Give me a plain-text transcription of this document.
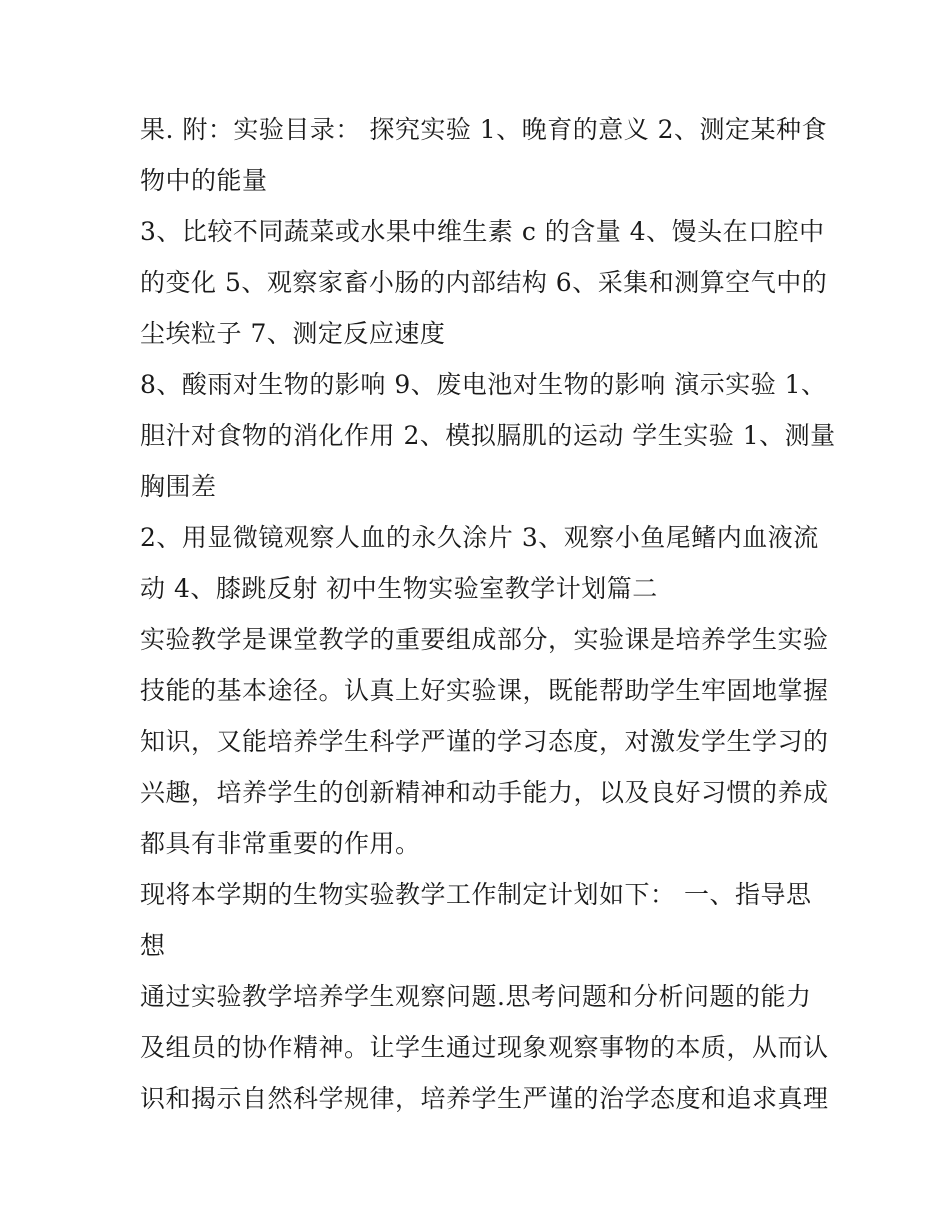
果. 附：实验目录： 探究实验 1、晚育的意义 2、测定某种食
物中的能量
3、比较不同蔬菜或水果中维生素 c 的含量 4、馒头在口腔中
的变化 5、观察家畜小肠的内部结构 6、采集和测算空气中的
尘埃粒子 7、测定反应速度
8、酸雨对生物的影响 9、废电池对生物的影响 演示实验 1、
胆汁对食物的消化作用 2、模拟膈肌的运动 学生实验 1、测量
胸围差
2、用显微镜观察人血的永久涂片 3、观察小鱼尾鳍内血液流
动 4、膝跳反射 初中生物实验室教学计划篇二
实验教学是课堂教学的重要组成部分，实验课是培养学生实验
技能的基本途径。认真上好实验课，既能帮助学生牢固地掌握
知识，又能培养学生科学严谨的学习态度，对激发学生学习的
兴趣，培养学生的创新精神和动手能力，以及良好习惯的养成
都具有非常重要的作用。
现将本学期的生物实验教学工作制定计划如下： 一、指导思
想
通过实验教学培养学生观察问题.思考问题和分析问题的能力
及组员的协作精神。让学生通过现象观察事物的本质，从而认
识和揭示自然科学规律，培养学生严谨的治学态度和追求真理
